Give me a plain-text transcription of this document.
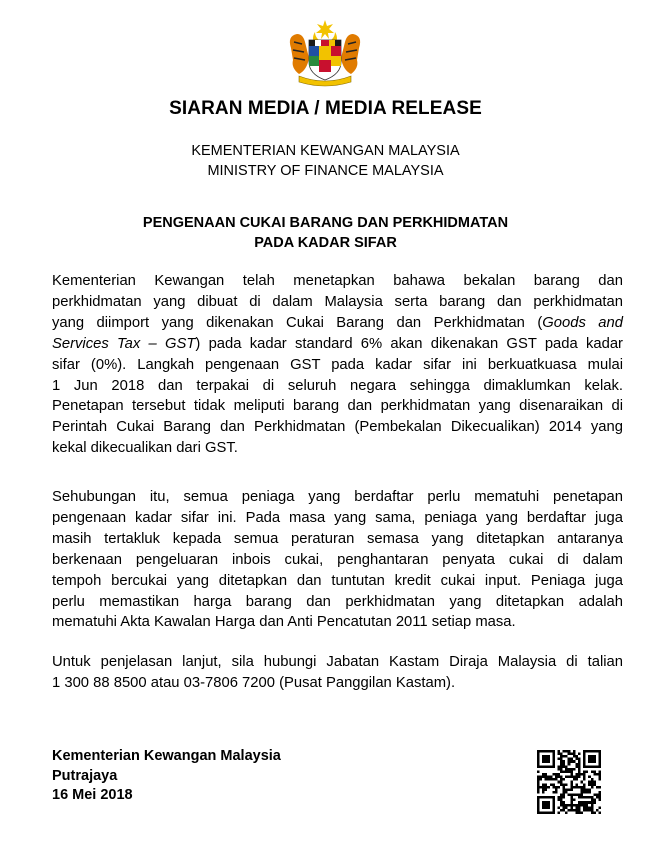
SIARAN MEDIA / MEDIA RELEASE
KEMENTERIAN KEWANGAN MALAYSIA
MINISTRY OF FINANCE MALAYSIA
PENGENAAN CUKAI BARANG DAN PERKHIDMATAN
PADA KADAR SIFAR
Kementerian Kewangan telah menetapkan bahawa bekalan barang dan
perkhidmatan yang dibuat di dalam Malaysia serta barang dan perkhidmatan
yang diimport yang dikenakan Cukai Barang dan Perkhidmatan (Goods and
Services Tax – GST) pada kadar standard 6% akan dikenakan GST pada kadar
sifar (0%). Langkah pengenaan GST pada kadar sifar ini berkuatkuasa mulai
1 Jun 2018 dan terpakai di seluruh negara sehingga dimaklumkan kelak.
Penetapan tersebut tidak meliputi barang dan perkhidmatan yang disenaraikan di
Perintah Cukai Barang dan Perkhidmatan (Pembekalan Dikecualikan) 2014 yang
kekal dikecualikan dari GST.
Sehubungan itu, semua peniaga yang berdaftar perlu mematuhi penetapan
pengenaan kadar sifar ini. Pada masa yang sama, peniaga yang berdaftar juga
masih tertakluk kepada semua peraturan semasa yang ditetapkan antaranya
berkenaan pengeluaran inbois cukai, penghantaran penyata cukai di dalam
tempoh bercukai yang ditetapkan dan tuntutan kredit cukai input. Peniaga juga
perlu memastikan harga barang dan perkhidmatan yang ditetapkan adalah
mematuhi Akta Kawalan Harga dan Anti Pencatutan 2011 setiap masa.
Untuk penjelasan lanjut, sila hubungi Jabatan Kastam Diraja Malaysia di talian
1 300 88 8500 atau 03-7806 7200 (Pusat Panggilan Kastam).
Kementerian Kewangan Malaysia
Putrajaya
16 Mei 2018
